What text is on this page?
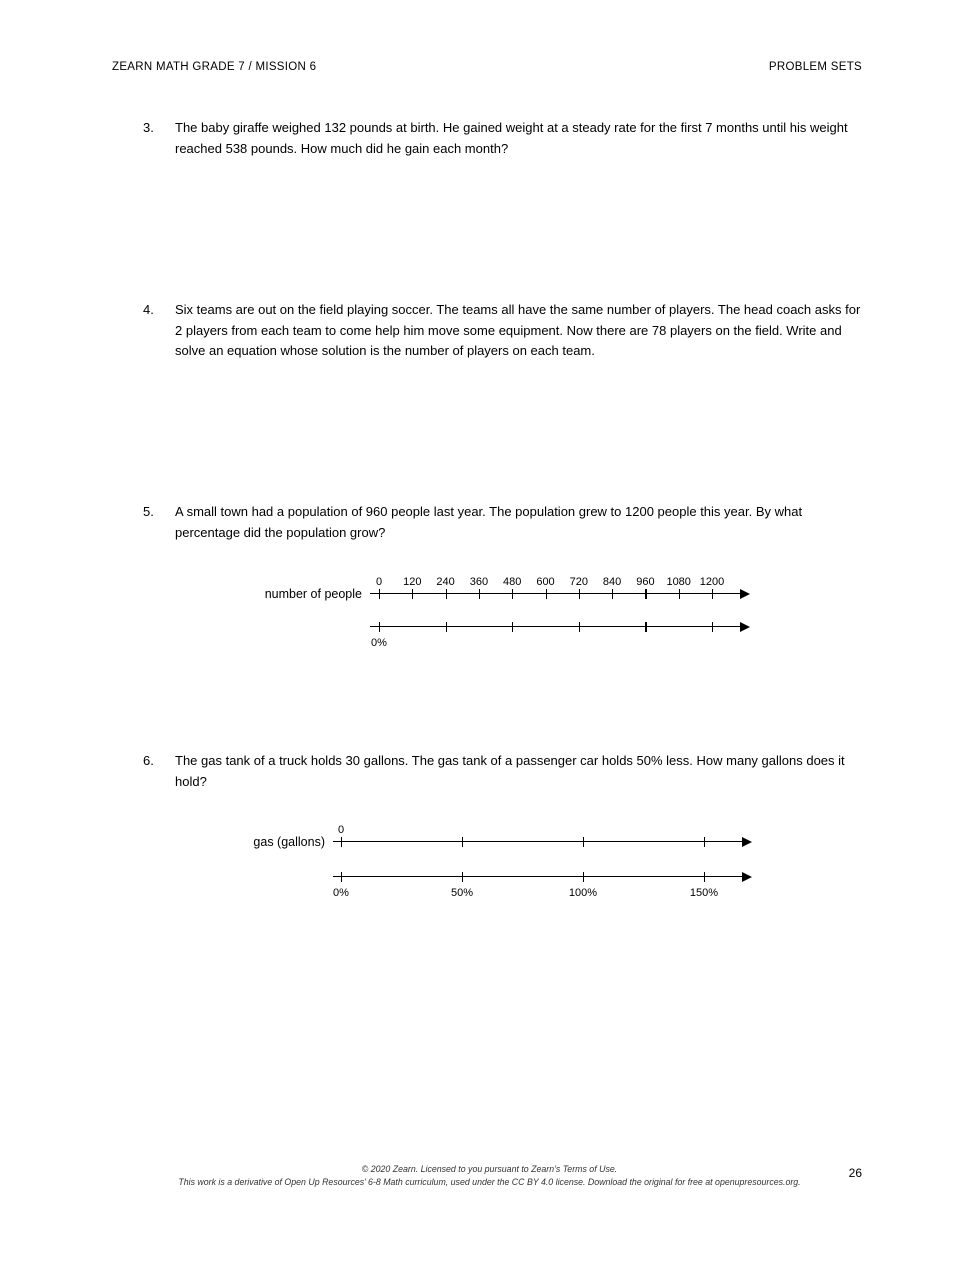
ZEARN MATH GRADE 7 / MISSION 6	PROBLEM SETS
3.	The baby giraffe weighed 132 pounds at birth. He gained weight at a steady rate for the first 7 months until his weight reached 538 pounds. How much did he gain each month?
4.	Six teams are out on the field playing soccer. The teams all have the same number of players. The head coach asks for 2 players from each team to come help him move some equipment. Now there are 78 players on the field. Write and solve an equation whose solution is the number of players on each team.
5.	A small town had a population of 960 people last year. The population grew to 1200 people this year. By what percentage did the population grow?
number of people
0 120 240 360 480 600 720 840 960 1080 1200
0%
6.	The gas tank of a truck holds 30 gallons. The gas tank of a passenger car holds 50% less. How many gallons does it hold?
gas (gallons)
0
0%	50%	100%	150%
© 2020 Zearn. Licensed to you pursuant to Zearn’s Terms of Use.
This work is a derivative of Open Up Resources’ 6-8 Math curriculum, used under the CC BY 4.0 license. Download the original for free at openupresources.org.
26
